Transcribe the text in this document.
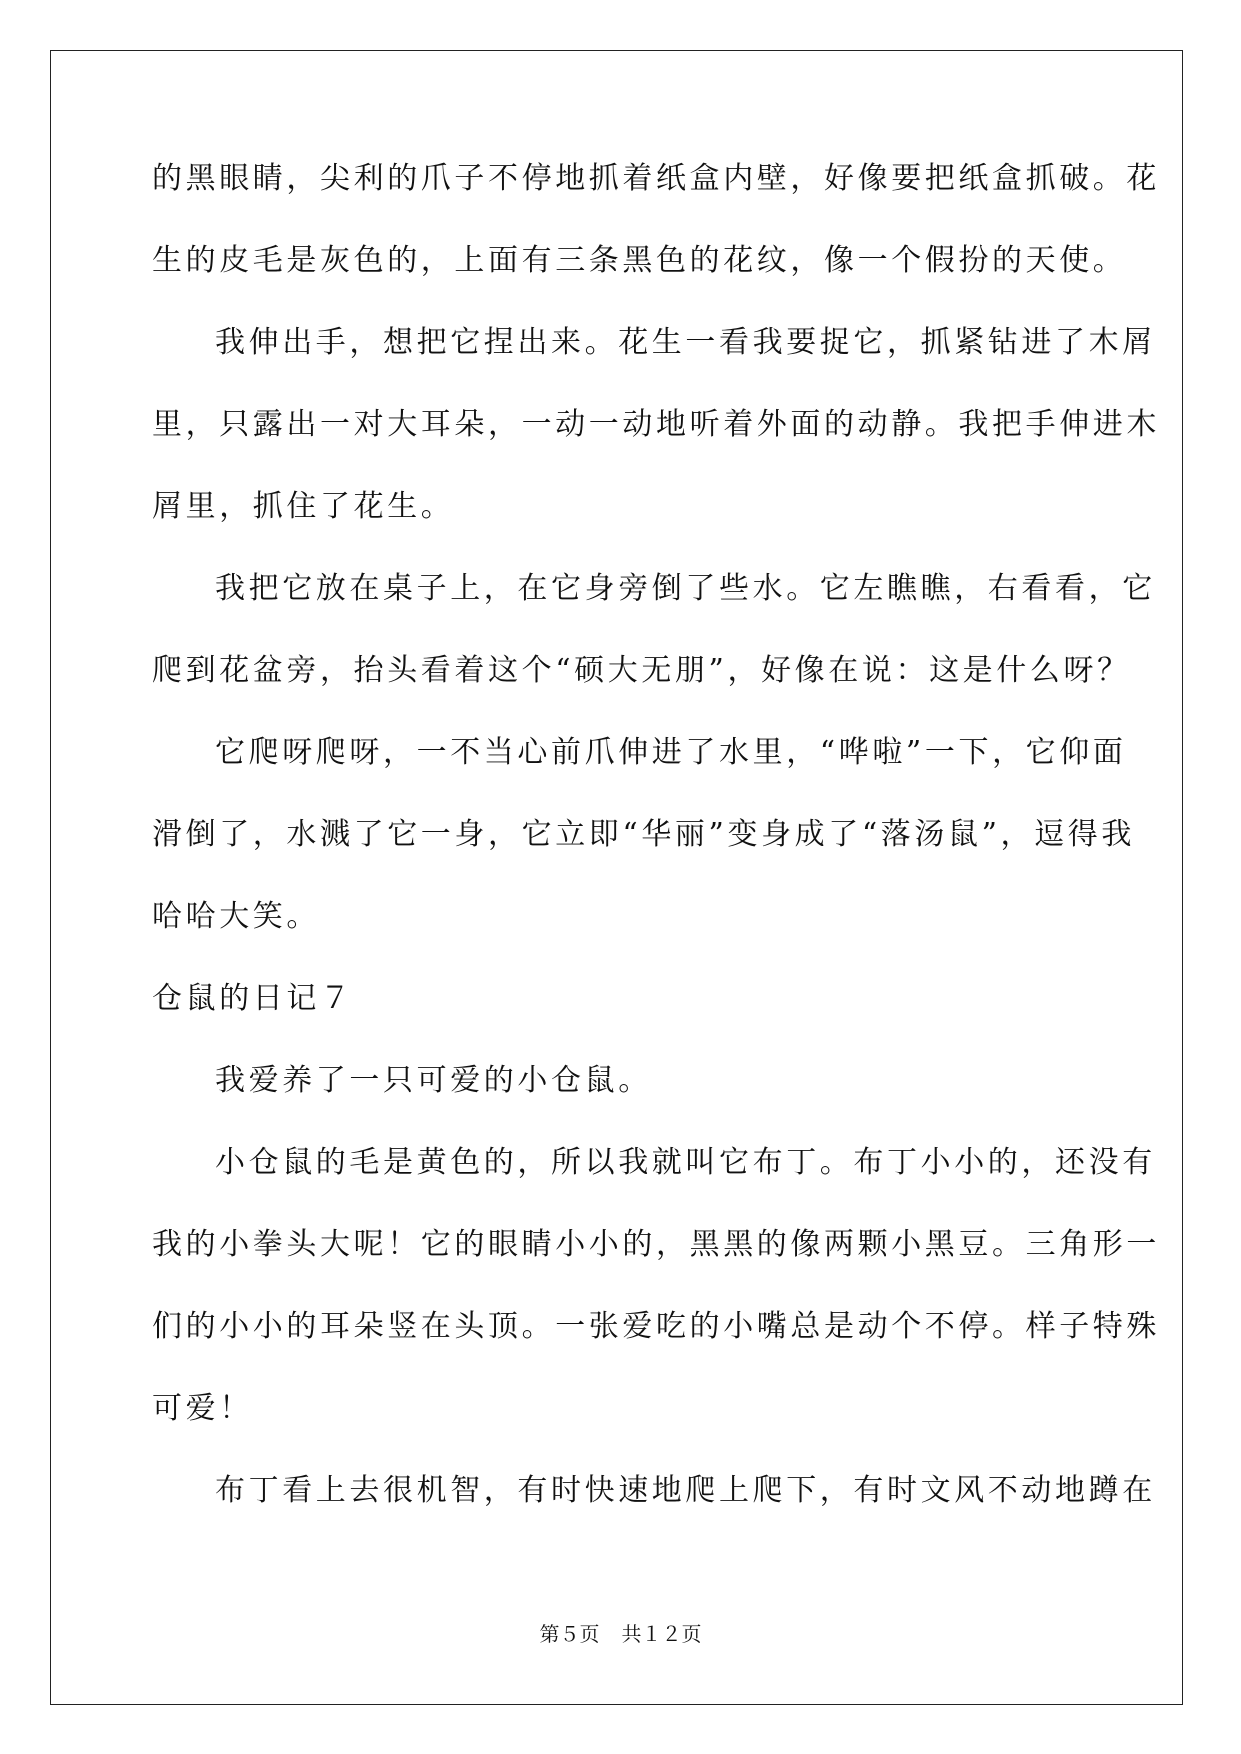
的黑眼睛，尖利的爪子不停地抓着纸盒内壁，好像要把纸盒抓破。花
生的皮毛是灰色的，上面有三条黑色的花纹，像一个假扮的天使。
我伸出手，想把它捏出来。花生一看我要捉它，抓紧钻进了木屑
里，只露出一对大耳朵，一动一动地听着外面的动静。我把手伸进木
屑里，抓住了花生。
我把它放在桌子上，在它身旁倒了些水。它左瞧瞧，右看看，它
爬到花盆旁，抬头看着这个“硕大无朋”，好像在说：这是什么呀？
它爬呀爬呀，一不当心前爪伸进了水里，“哗啦”一下，它仰面
滑倒了，水溅了它一身，它立即“华丽”变身成了“落汤鼠”，逗得我
哈哈大笑。
仓鼠的日记７
我爱养了一只可爱的小仓鼠。
小仓鼠的毛是黄色的，所以我就叫它布丁。布丁小小的，还没有
我的小拳头大呢！它的眼睛小小的，黑黑的像两颗小黑豆。三角形一
们的小小的耳朵竖在头顶。一张爱吃的小嘴总是动个不停。样子特殊
可爱！
布丁看上去很机智，有时快速地爬上爬下，有时文风不动地蹲在
第５页 共１２页
